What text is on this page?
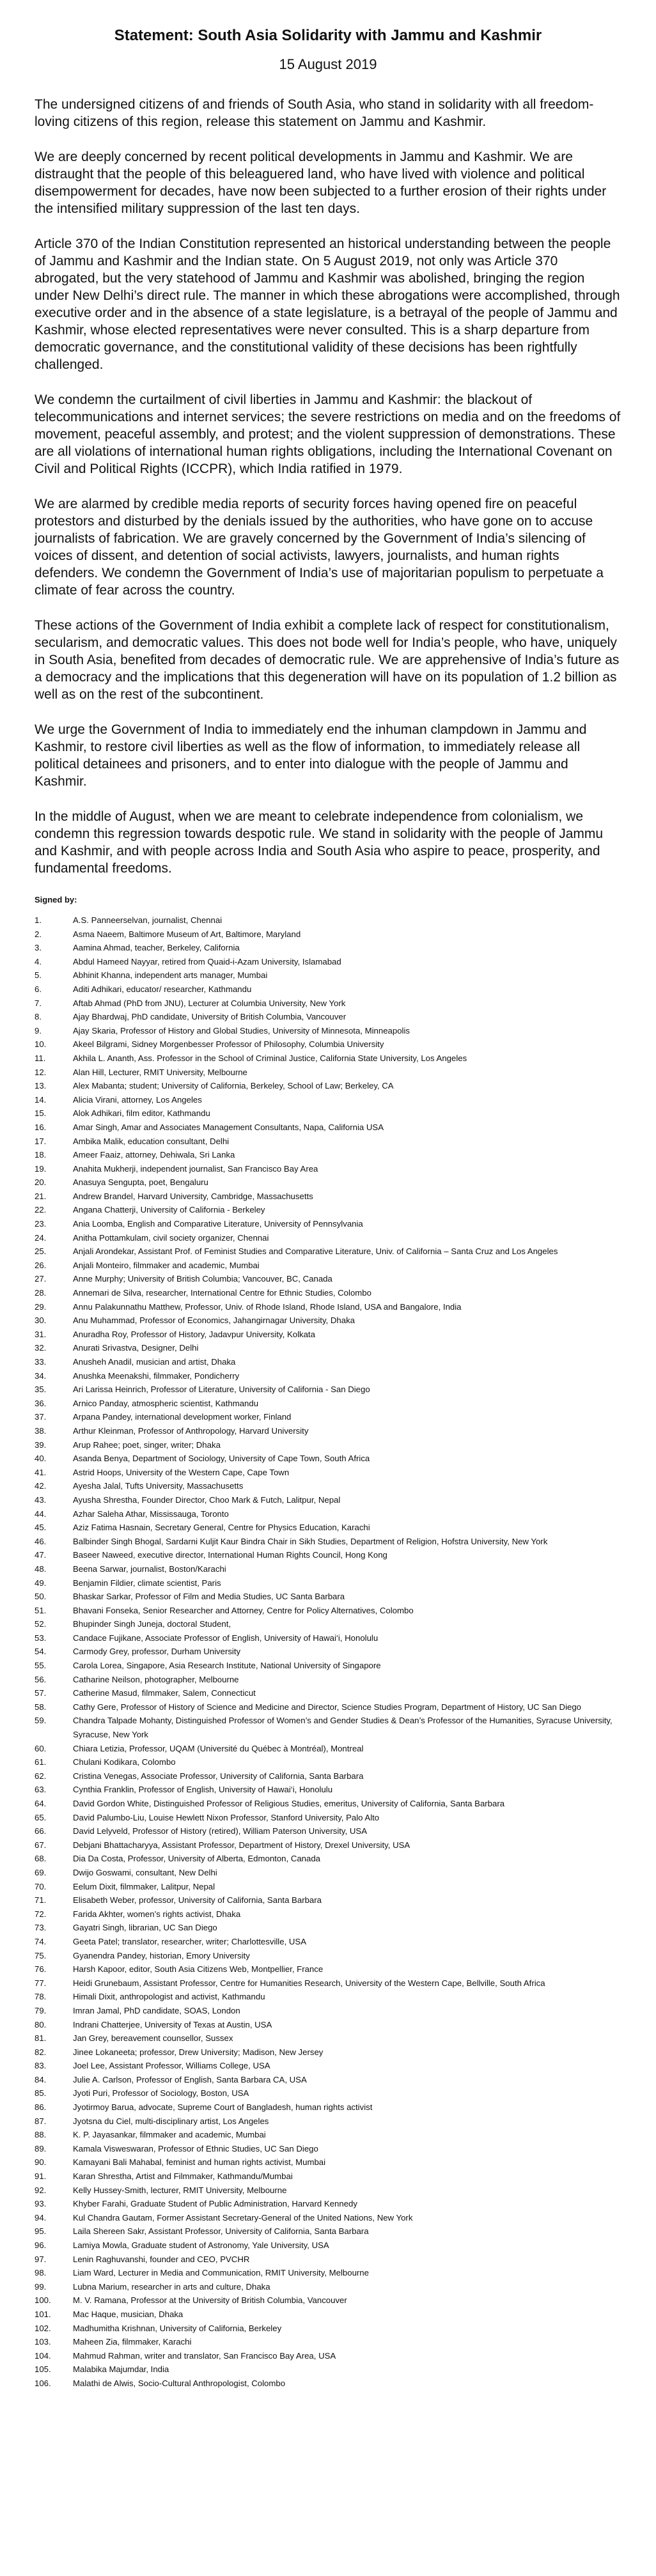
Statement: South Asia Solidarity with Jammu and Kashmir
15 August 2019

The undersigned citizens of and friends of South Asia, who stand in solidarity with all freedom-loving citizens of this region, release this statement on Jammu and Kashmir.

We are deeply concerned by recent political developments in Jammu and Kashmir. We are distraught that the people of this beleaguered land, who have lived with violence and political disempowerment for decades, have now been subjected to a further erosion of their rights under the intensified military suppression of the last ten days.

Article 370 of the Indian Constitution represented an historical understanding between the people of Jammu and Kashmir and the Indian state. On 5 August 2019, not only was Article 370 abrogated, but the very statehood of Jammu and Kashmir was abolished, bringing the region under New Delhi’s direct rule. The manner in which these abrogations were accomplished, through executive order and in the absence of a state legislature, is a betrayal of the people of Jammu and Kashmir, whose elected representatives were never consulted. This is a sharp departure from democratic governance, and the constitutional validity of these decisions has been rightfully challenged.

We condemn the curtailment of civil liberties in Jammu and Kashmir: the blackout of telecommunications and internet services; the severe restrictions on media and on the freedoms of movement, peaceful assembly, and protest; and the violent suppression of demonstrations. These are all violations of international human rights obligations, including the International Covenant on Civil and Political Rights (ICCPR), which India ratified in 1979.

We are alarmed by credible media reports of security forces having opened fire on peaceful protestors and disturbed by the denials issued by the authorities, who have gone on to accuse journalists of fabrication. We are gravely concerned by the Government of India’s silencing of voices of dissent, and detention of social activists, lawyers, journalists, and human rights defenders. We condemn the Government of India’s use of majoritarian populism to perpetuate a climate of fear across the country.

These actions of the Government of India exhibit a complete lack of respect for constitutionalism, secularism, and democratic values. This does not bode well for India’s people, who have, uniquely in South Asia, benefited from decades of democratic rule. We are apprehensive of India’s future as a democracy and the implications that this degeneration will have on its population of 1.2 billion as well as on the rest of the subcontinent.

We urge the Government of India to immediately end the inhuman clampdown in Jammu and Kashmir, to restore civil liberties as well as the flow of information, to immediately release all political detainees and prisoners, and to enter into dialogue with the people of Jammu and Kashmir.

In the middle of August, when we are meant to celebrate independence from colonialism, we condemn this regression towards despotic rule. We stand in solidarity with the people of Jammu and Kashmir, and with people across India and South Asia who aspire to peace, prosperity, and fundamental freedoms.

Signed by:
1.	A.S. Panneerselvan, journalist, Chennai
2.	Asma Naeem, Baltimore Museum of Art, Baltimore, Maryland
3.	Aamina Ahmad, teacher, Berkeley, California
4.	Abdul Hameed Nayyar, retired from Quaid-i-Azam University, Islamabad
5.	Abhinit Khanna, independent arts manager, Mumbai
6.	Aditi Adhikari, educator/ researcher, Kathmandu
7.	Aftab Ahmad (PhD from JNU), Lecturer at Columbia University, New York
8.	Ajay Bhardwaj, PhD candidate, University of British Columbia, Vancouver
9.	Ajay Skaria, Professor of History and Global Studies, University of Minnesota, Minneapolis
10.	Akeel Bilgrami, Sidney Morgenbesser Professor of Philosophy, Columbia University
11.	Akhila L. Ananth, Ass. Professor in the School of Criminal Justice, California State University, Los Angeles
12.	Alan Hill, Lecturer, RMIT University, Melbourne
13.	Alex Mabanta; student; University of California, Berkeley, School of Law; Berkeley, CA
14.	Alicia Virani, attorney, Los Angeles
15.	Alok Adhikari, film editor, Kathmandu
16.	Amar Singh, Amar and Associates Management Consultants, Napa, California USA
17.	Ambika Malik, education consultant, Delhi
18.	Ameer Faaiz, attorney, Dehiwala, Sri Lanka
19.	Anahita Mukherji, independent journalist, San Francisco Bay Area
20.	Anasuya Sengupta, poet, Bengaluru
21.	Andrew Brandel, Harvard University, Cambridge, Massachusetts
22.	Angana Chatterji, University of California - Berkeley
23.	Ania Loomba, English and Comparative Literature, University of Pennsylvania
24.	Anitha Pottamkulam, civil society organizer, Chennai
25.	Anjali Arondekar, Assistant Prof. of Feminist Studies and Comparative Literature, Univ. of California – Santa Cruz and Los Angeles
26.	Anjali Monteiro, filmmaker and academic, Mumbai
27.	Anne Murphy; University of British Columbia; Vancouver, BC, Canada
28.	Annemari de Silva, researcher, International Centre for Ethnic Studies, Colombo
29.	Annu Palakunnathu Matthew, Professor, Univ. of Rhode Island, Rhode Island, USA and Bangalore, India
30.	Anu Muhammad, Professor of Economics, Jahangirnagar University, Dhaka
31.	Anuradha Roy, Professor of History, Jadavpur University, Kolkata
32.	Anurati Srivastva, Designer, Delhi
33.	Anusheh Anadil, musician and artist, Dhaka
34.	Anushka Meenakshi, filmmaker, Pondicherry
35.	Ari Larissa Heinrich, Professor of Literature, University of California - San Diego
36.	Arnico Panday, atmospheric scientist, Kathmandu
37.	Arpana Pandey, international development worker, Finland
38.	Arthur Kleinman, Professor of Anthropology, Harvard University
39.	Arup Rahee; poet, singer, writer; Dhaka
40.	Asanda Benya, Department of Sociology, University of Cape Town, South Africa
41.	Astrid Hoops, University of the Western Cape, Cape Town
42.	Ayesha Jalal, Tufts University, Massachusetts
43.	Ayusha Shrestha, Founder Director, Choo Mark & Futch, Lalitpur, Nepal
44.	Azhar Saleha Athar, Mississauga, Toronto
45.	Aziz Fatima Hasnain, Secretary General, Centre for Physics Education, Karachi
46.	Balbinder Singh Bhogal, Sardarni Kuljit Kaur Bindra Chair in Sikh Studies, Department of Religion, Hofstra University, New York
47.	Baseer Naweed, executive director, International Human Rights Council, Hong Kong
48.	Beena Sarwar, journalist, Boston/Karachi
49.	Benjamin Fildier, climate scientist, Paris
50.	Bhaskar Sarkar, Professor of Film and Media Studies, UC Santa Barbara
51.	Bhavani Fonseka, Senior Researcher and Attorney, Centre for Policy Alternatives, Colombo
52.	Bhupinder Singh Juneja, doctoral Student,
53.	Candace Fujikane, Associate Professor of English, University of Hawai‘i, Honolulu
54.	Carmody Grey, professor, Durham University
55.	Carola Lorea, Singapore, Asia Research Institute, National University of Singapore
56.	Catharine Neilson, photographer, Melbourne
57.	Catherine Masud, filmmaker, Salem, Connecticut
58.	Cathy Gere, Professor of History of Science and Medicine and Director, Science Studies Program, Department of History, UC San Diego
59.	Chandra Talpade Mohanty, Distinguished Professor of Women’s and Gender Studies & Dean’s Professor of the Humanities, Syracuse University, Syracuse, New York
60.	Chiara Letizia, Professor, UQAM (Université du Québec à Montréal), Montreal
61.	Chulani Kodikara, Colombo
62.	Cristina Venegas, Associate Professor, University of California, Santa Barbara
63.	Cynthia Franklin, Professor of English, University of Hawai‘i, Honolulu
64.	David Gordon White, Distinguished Professor of Religious Studies, emeritus, University of California, Santa Barbara
65.	David Palumbo-Liu, Louise Hewlett Nixon Professor, Stanford University, Palo Alto
66.	David Lelyveld, Professor of History (retired), William Paterson University, USA
67.	Debjani Bhattacharyya, Assistant Professor, Department of History, Drexel University, USA
68.	Dia Da Costa, Professor, University of Alberta, Edmonton, Canada
69.	Dwijo Goswami, consultant, New Delhi
70.	Eelum Dixit, filmmaker, Lalitpur, Nepal
71.	Elisabeth Weber, professor, University of California, Santa Barbara
72.	Farida Akhter, women’s rights activist, Dhaka
73.	Gayatri Singh, librarian, UC San Diego
74.	Geeta Patel; translator, researcher, writer; Charlottesville, USA
75.	Gyanendra Pandey, historian, Emory University
76.	Harsh Kapoor, editor, South Asia Citizens Web, Montpellier, France
77.	Heidi Grunebaum, Assistant Professor, Centre for Humanities Research, University of the Western Cape, Bellville, South Africa
78.	Himali Dixit, anthropologist and activist, Kathmandu
79.	Imran Jamal, PhD candidate, SOAS, London
80.	Indrani Chatterjee, University of Texas at Austin, USA
81.	Jan Grey, bereavement counsellor, Sussex
82.	Jinee Lokaneeta; professor, Drew University; Madison, New Jersey
83.	Joel Lee, Assistant Professor, Williams College, USA
84.	Julie A. Carlson, Professor of English, Santa Barbara CA, USA
85.	Jyoti Puri, Professor of Sociology, Boston, USA
86.	Jyotirmoy Barua, advocate, Supreme Court of Bangladesh, human rights activist
87.	Jyotsna du Ciel, multi-disciplinary artist, Los Angeles
88.	K. P. Jayasankar, filmmaker and academic, Mumbai
89.	Kamala Visweswaran, Professor of Ethnic Studies, UC San Diego
90.	Kamayani Bali Mahabal, feminist and human rights activist, Mumbai
91.	Karan Shrestha, Artist and Filmmaker, Kathmandu/Mumbai
92.	Kelly Hussey-Smith, lecturer, RMIT University, Melbourne
93.	Khyber Farahi, Graduate Student of Public Administration, Harvard Kennedy
94.	Kul Chandra Gautam, Former Assistant Secretary-General of the United Nations, New York
95.	Laila Shereen Sakr, Assistant Professor, University of California, Santa Barbara
96.	Lamiya Mowla, Graduate student of Astronomy, Yale University, USA
97.	Lenin Raghuvanshi, founder and CEO, PVCHR
98.	Liam Ward, Lecturer in Media and Communication, RMIT University, Melbourne
99.	Lubna Marium, researcher in arts and culture, Dhaka
100.	M. V. Ramana, Professor at the University of British Columbia, Vancouver
101.	Mac Haque, musician, Dhaka
102.	Madhumitha Krishnan, University of California, Berkeley
103.	Maheen Zia, filmmaker, Karachi
104.	Mahmud Rahman, writer and translator, San Francisco Bay Area, USA
105.	Malabika Majumdar, India
106.	Malathi de Alwis, Socio-Cultural Anthropologist, Colombo
